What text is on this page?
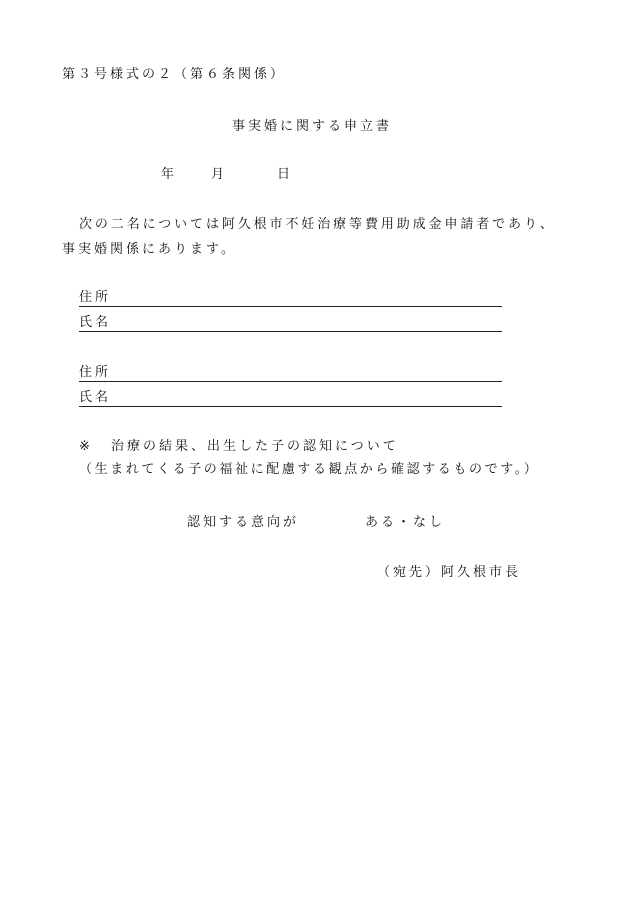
第３号様式の２（第６条関係）
事実婚に関する申立書
年	月	日
次の二名については阿久根市不妊治療等費用助成金申請者であり、
事実婚関係にあります。
住所
氏名
住所
氏名
※ 治療の結果、出生した子の認知について
（生まれてくる子の福祉に配慮する観点から確認するものです。）
認知する意向が	ある・なし
（宛先）阿久根市長
